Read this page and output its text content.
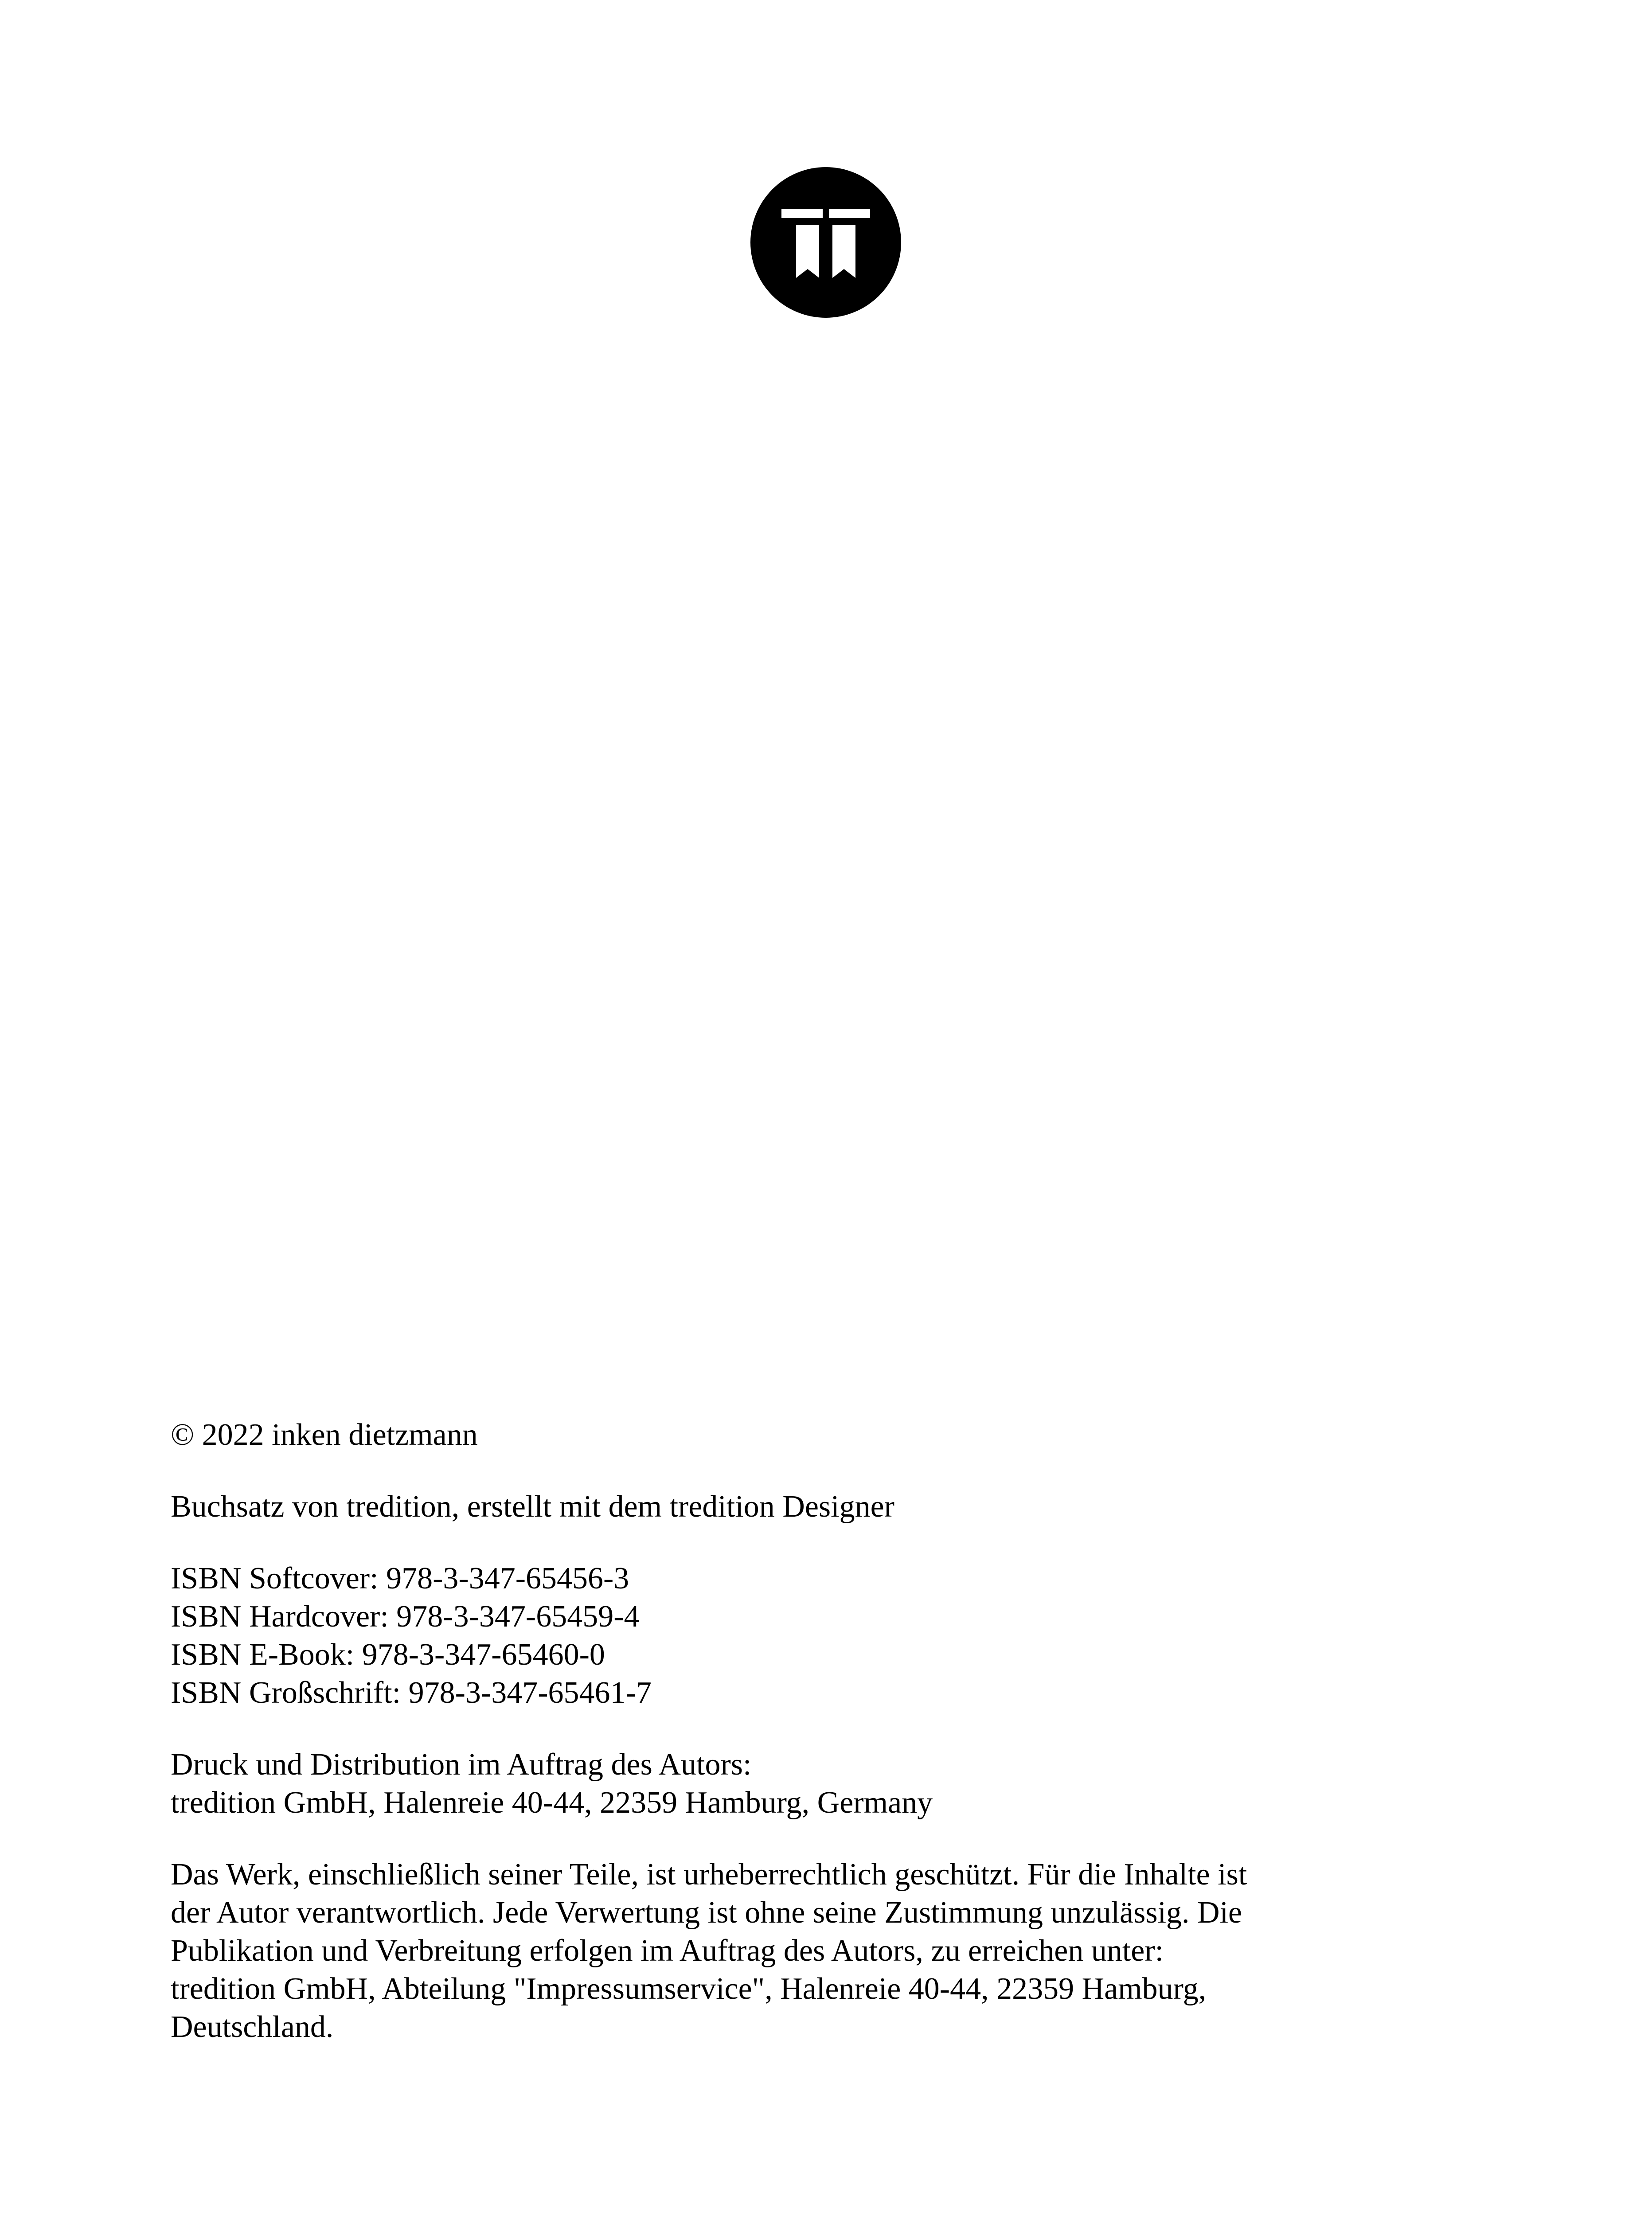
© 2022 inken dietzmann

Buchsatz von tredition, erstellt mit dem tredition Designer

ISBN Softcover: 978-3-347-65456-3

ISBN Hardcover: 978-3-347-65459-4

ISBN E-Book: 978-3-347-65460-0

ISBN Großschrift: 978-3-347-65461-7

Druck und Distribution im Auftrag des Autors:

tredition GmbH, Halenreie 40-44, 22359 Hamburg, Germany

Das Werk, einschließlich seiner Teile, ist urheberrechtlich geschützt. Für die Inhalte ist

der Autor verantwortlich. Jede Verwertung ist ohne seine Zustimmung unzulässig. Die

Publikation und Verbreitung erfolgen im Auftrag des Autors, zu erreichen unter:

tredition GmbH, Abteilung "Impressumservice", Halenreie 40-44, 22359 Hamburg,

Deutschland.
